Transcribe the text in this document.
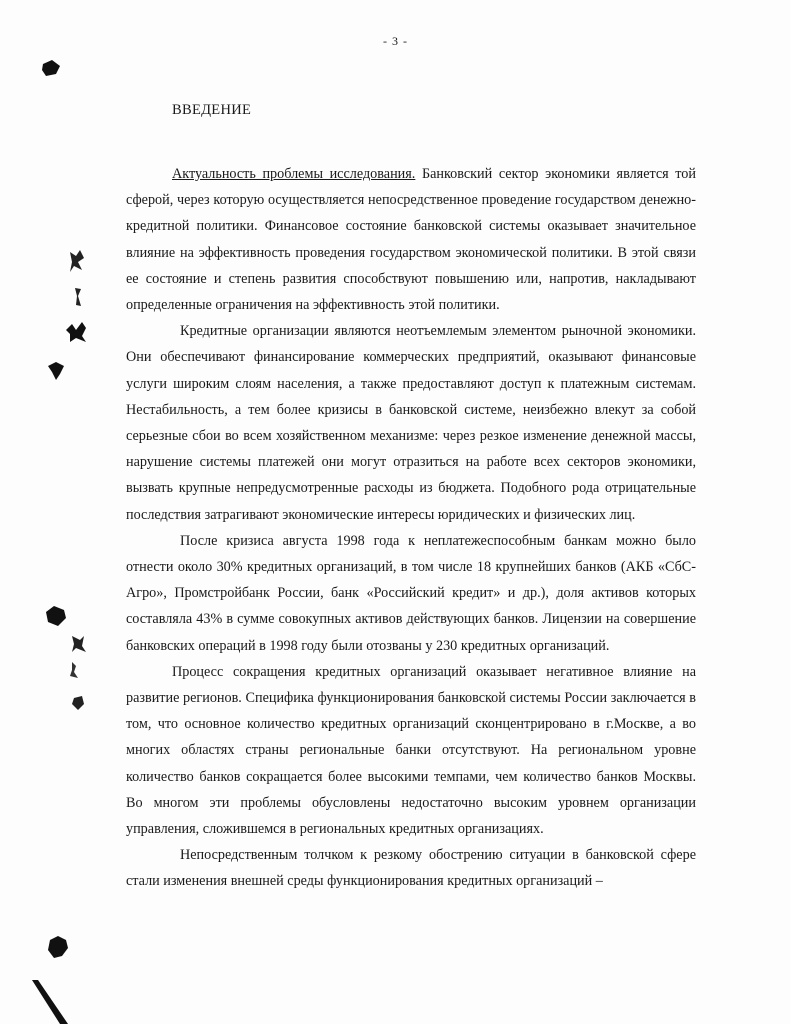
- 3 -
ВВЕДЕНИЕ

Актуальность проблемы исследования. Банковский сектор экономики является той сферой, через которую осуществляется непосредственное проведение государством денежно-кредитной политики. Финансовое состояние банковской системы оказывает значительное влияние на эффективность проведения государством экономической политики. В этой связи ее состояние и степень развития способствуют повышению или, напротив, накладывают определенные ограничения на эффективность этой политики.

Кредитные организации являются неотъемлемым элементом рыночной экономики. Они обеспечивают финансирование коммерческих предприятий, оказывают финансовые услуги широким слоям населения, а также предоставляют доступ к платежным системам. Нестабильность, а тем более кризисы в банковской системе, неизбежно влекут за собой серьезные сбои во всем хозяйственном механизме: через резкое изменение денежной массы, нарушение системы платежей они могут отразиться на работе всех секторов экономики, вызвать крупные непредусмотренные расходы из бюджета. Подобного рода отрицательные последствия затрагивают экономические интересы юридических и физических лиц.

После кризиса августа 1998 года к неплатежеспособным банкам можно было отнести около 30% кредитных организаций, в том числе 18 крупнейших банков (АКБ «СбС-Агро», Промстройбанк России, банк «Российский кредит» и др.), доля активов которых составляла 43% в сумме совокупных активов действующих банков. Лицензии на совершение банковских операций в 1998 году были отозваны у 230 кредитных организаций.

Процесс сокращения кредитных организаций оказывает негативное влияние на развитие регионов. Специфика функционирования банковской системы России заключается в том, что основное количество кредитных организаций сконцентрировано в г.Москве, а во многих областях страны региональные банки отсутствуют. На региональном уровне количество банков сокращается более высокими темпами, чем количество банков Москвы. Во многом эти проблемы обусловлены недостаточно высоким уровнем организации управления, сложившемся в региональных кредитных организациях.

Непосредственным толчком к резкому обострению ситуации в банковской сфере стали изменения внешней среды функционирования кредитных организаций –
